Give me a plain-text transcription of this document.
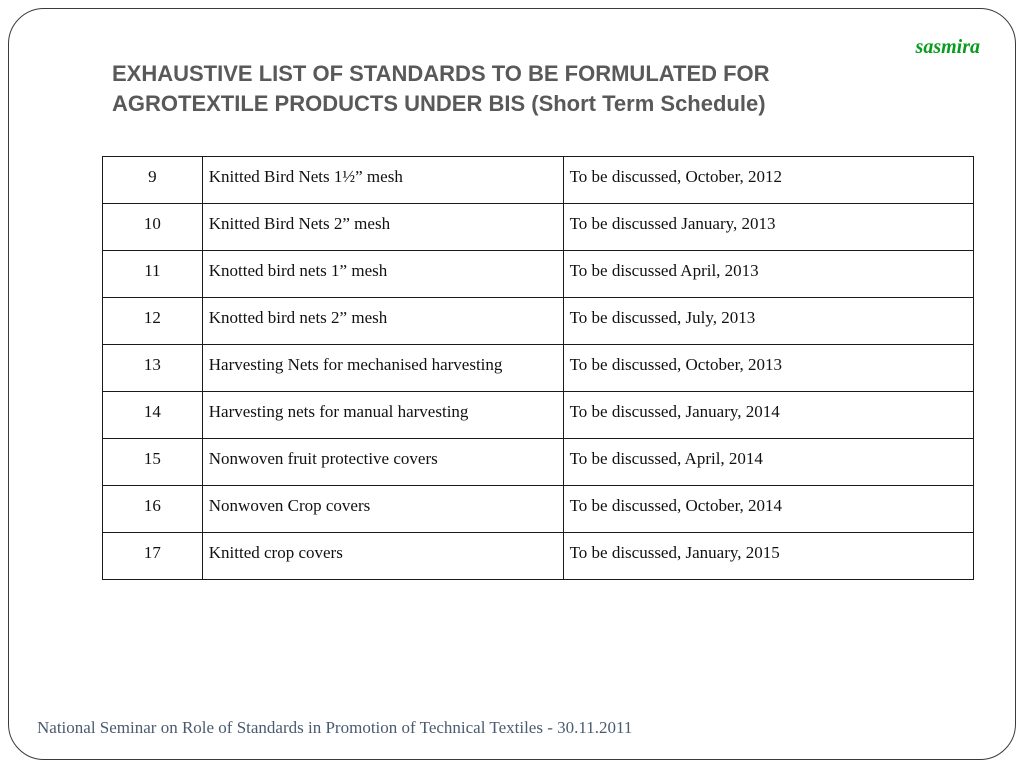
sasmira
EXHAUSTIVE LIST OF STANDARDS TO BE FORMULATED FOR AGROTEXTILE PRODUCTS UNDER BIS (Short Term Schedule)
9	Knitted Bird Nets 1½” mesh	To be discussed, October, 2012
10	Knitted Bird Nets 2” mesh	To be discussed January, 2013
11	Knotted bird nets 1” mesh	To be discussed April, 2013
12	Knotted bird nets 2” mesh	To be discussed, July, 2013
13	Harvesting Nets for mechanised harvesting	To be discussed, October, 2013
14	Harvesting nets for manual harvesting	To be discussed, January, 2014
15	Nonwoven fruit protective covers	To be discussed, April, 2014
16	Nonwoven Crop covers	To be discussed, October, 2014
17	Knitted crop covers	To be discussed, January, 2015
National Seminar on Role of Standards in Promotion of Technical Textiles - 30.11.2011
